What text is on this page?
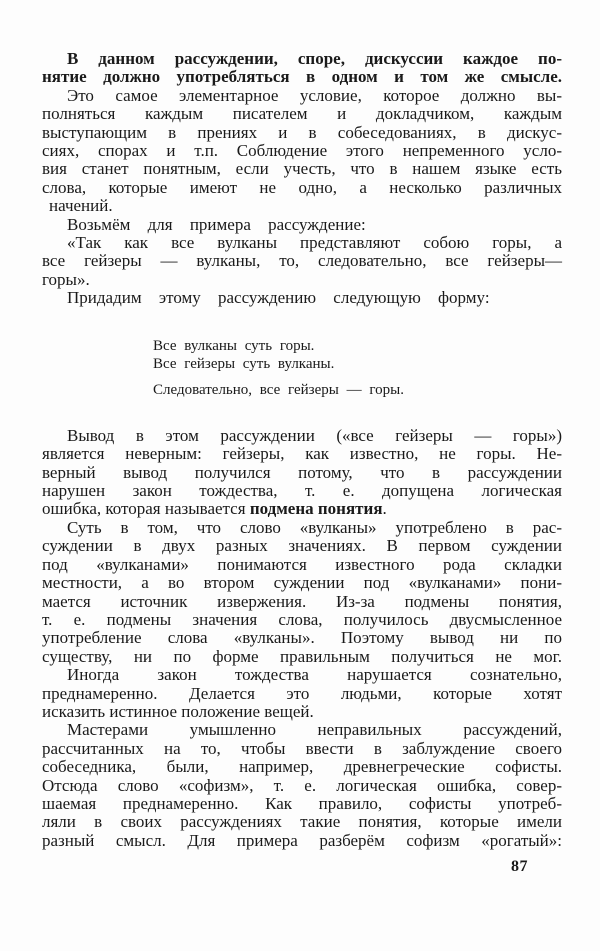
В данном рассуждении, споре, дискуссии каждое по-
нятие должно употребляться в одном и том же смысле.
Это самое элементарное условие, которое должно вы-
полняться каждым писателем и докладчиком, каждым
выступающим в прениях и в собеседованиях, в дискус-
сиях, спорах и т.п. Соблюдение этого непременного усло-
вия станет понятным, если учесть, что в нашем языке есть
слова, которые имеют не одно, а несколько различных
начений.
Возьмём для примера рассуждение:
«Так как все вулканы представляют собою горы, а
все гейзеры — вулканы, то, следовательно, все гейзеры—
горы».
Придадим этому рассуждению следующую форму:
Все вулканы суть горы.
Все гейзеры суть вулканы.
Следовательно, все гейзеры — горы.
Вывод в этом рассуждении («все гейзеры — горы»)
является неверным: гейзеры, как известно, не горы. Не-
верный вывод получился потому, что в рассуждении
нарушен закон тождества, т. е. допущена логическая
ошибка, которая называется подмена понятия.
Суть в том, что слово «вулканы» употреблено в рас-
суждении в двух разных значениях. В первом суждении
под «вулканами» понимаются известного рода складки
местности, а во втором суждении под «вулканами» пони-
мается источник извержения. Из-за подмены понятия,
т. е. подмены значения слова, получилось двусмысленное
употребление слова «вулканы». Поэтому вывод ни по
существу, ни по форме правильным получиться не мог.
Иногда закон тождества нарушается сознательно,
преднамеренно. Делается это людьми, которые хотят
исказить истинное положение вещей.
Мастерами умышленно неправильных рассуждений,
рассчитанных на то, чтобы ввести в заблуждение своего
собеседника, были, например, древнегреческие софисты.
Отсюда слово «софизм», т. е. логическая ошибка, совер-
шаемая преднамеренно. Как правило, софисты употреб-
ляли в своих рассуждениях такие понятия, которые имели
разный смысл. Для примера разберём софизм «рогатый»:
87
